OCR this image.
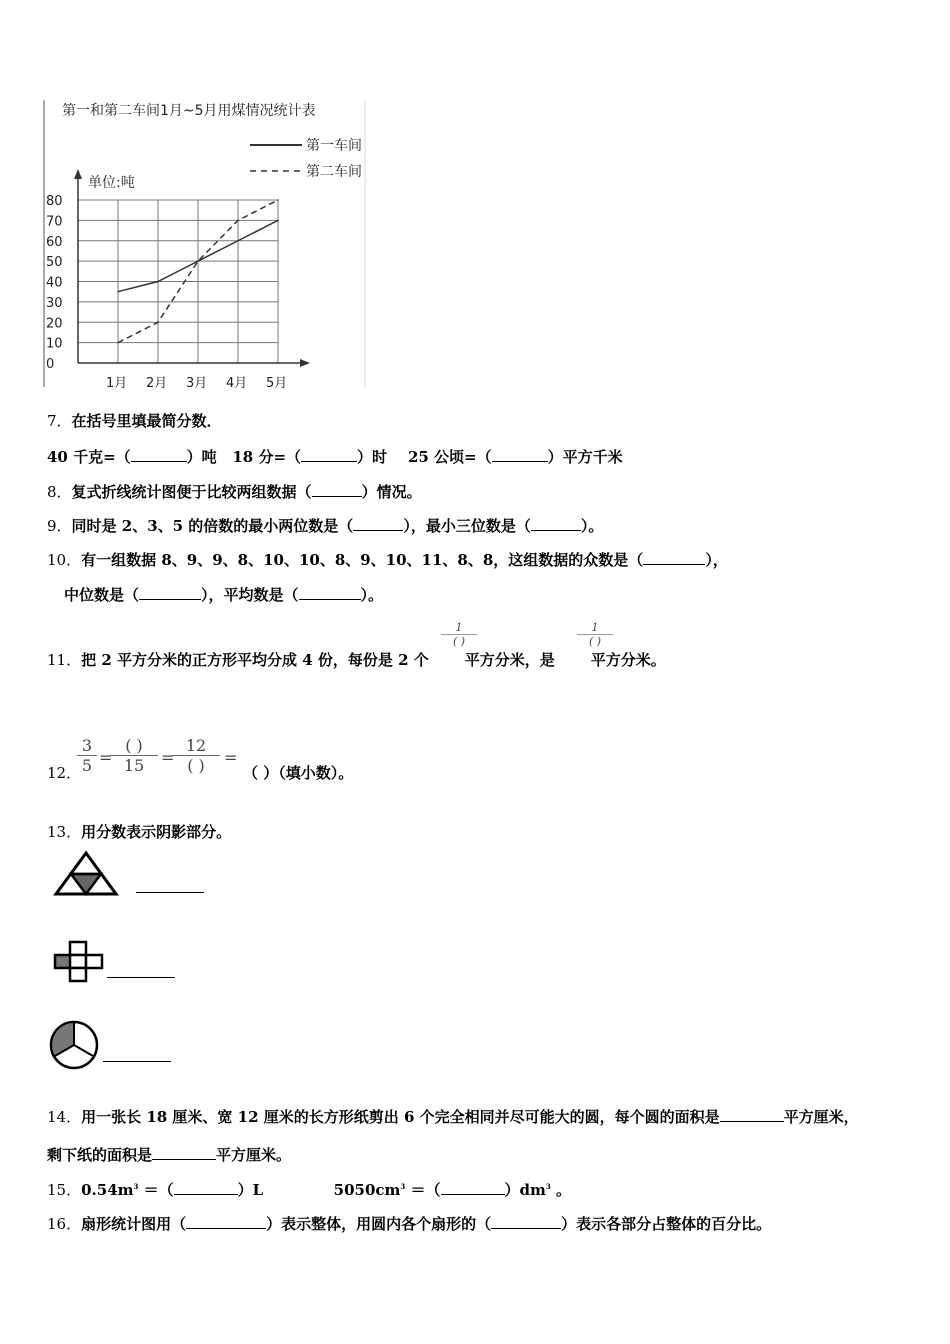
第一和第二车间1月~5月用煤情况统计表
第一车间
第二车间
单位:吨
0
10
20
30
40
50
60
70
80
1月 2月 3月 4月 5月
7．在括号里填最简分数．
40 千克=（	）吨 18 分=（	）时 25 公顷=（	）平方千米
8．复式折线统计图便于比较两组数据（	）情况。
9．同时是 2、3、5 的倍数的最小两位数是（	），最小三位数是（	）。
10．有一组数据 8、9、9、8、10、10、8、9、10、11、8、8，这组数据的众数是（	），
中位数是（	），平均数是（	）。
11．把 2 平方分米的正方形平均分成 4 份，每份是 2 个 平方分米，是 平方分米。
1
( )
1
( )
12．
$\frac{3}{5}$ =
( )
15	=
12
( )	=
（ ）（填小数）。
13．用分数表示阴影部分。
14．用一张长 18 厘米、宽 12 厘米的长方形纸剪出 6 个完全相同并尽可能大的圆，每个圆的面积是	平方厘米，
剩下纸的面积是	平方厘米。
15．$0.54m^3$ ＝（	）L	$5050cm^3$ ＝（	）$dm^3$ 。
16．扇形统计图用（	）表示整体，用圆内各个扇形的（	）表示各部分占整体的百分比。
